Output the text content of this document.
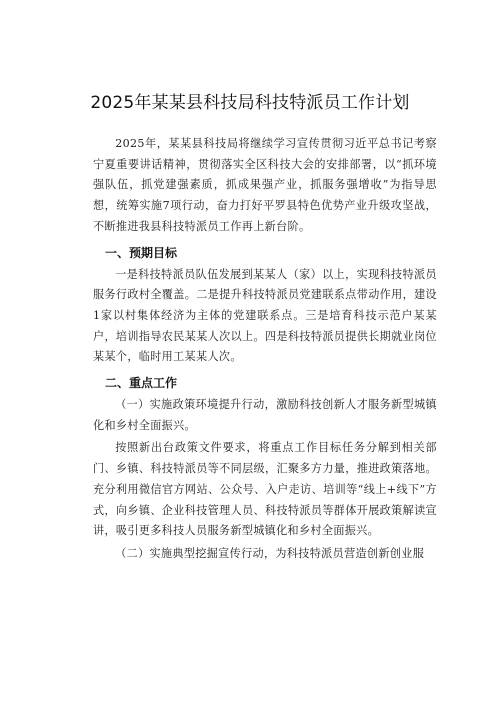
2025年某某县科技局科技特派员工作计划

2025年，某某县科技局将继续学习宣传贯彻习近平总书记考察宁夏重要讲话精神，贯彻落实全区科技大会的安排部署，以“抓环境强队伍，抓党建强素质，抓成果强产业，抓服务强增收”为指导思想，统筹实施7项行动，奋力打好平罗县特色优势产业升级攻坚战，不断推进我县科技特派员工作再上新台阶。

一、预期目标

一是科技特派员队伍发展到某某人（家）以上，实现科技特派员服务行政村全覆盖。二是提升科技特派员党建联系点带动作用，建设1家以村集体经济为主体的党建联系点。三是培育科技示范户某某户，培训指导农民某某人次以上。四是科技特派员提供长期就业岗位某某个，临时用工某某人次。

二、重点工作

（一）实施政策环境提升行动，激励科技创新人才服务新型城镇化和乡村全面振兴。

按照新出台政策文件要求，将重点工作目标任务分解到相关部门、乡镇、科技特派员等不同层级，汇聚多方力量，推进政策落地。充分利用微信官方网站、公众号、入户走访、培训等“线上+线下”方式，向乡镇、企业科技管理人员、科技特派员等群体开展政策解读宣讲，吸引更多科技人员服务新型城镇化和乡村全面振兴。

（二）实施典型挖掘宣传行动，为科技特派员营造创新创业服
